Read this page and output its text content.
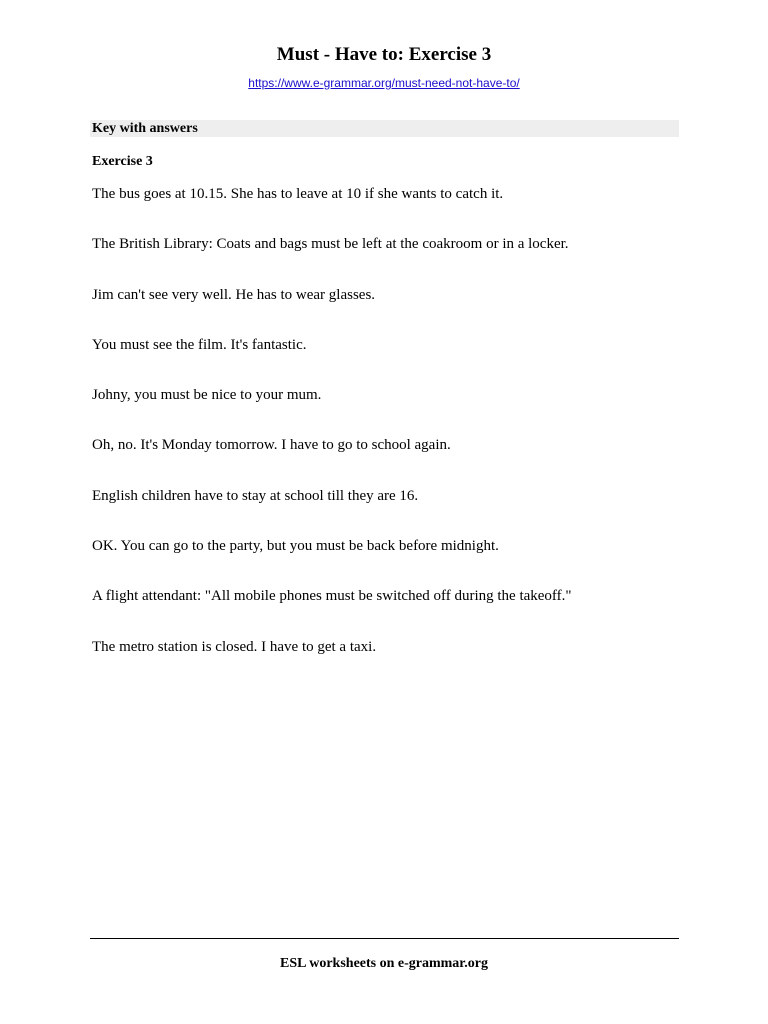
Must - Have to: Exercise 3
https://www.e-grammar.org/must-need-not-have-to/
Key with answers
Exercise 3
The bus goes at 10.15. She has to leave at 10 if she wants to catch it.
The British Library: Coats and bags must be left at the coakroom or in a locker.
Jim can't see very well. He has to wear glasses.
You must see the film. It's fantastic.
Johny, you must be nice to your mum.
Oh, no. It's Monday tomorrow. I have to go to school again.
English children have to stay at school till they are 16.
OK. You can go to the party, but you must be back before midnight.
A flight attendant: "All mobile phones must be switched off during the takeoff."
The metro station is closed. I have to get a taxi.
ESL worksheets on e-grammar.org
